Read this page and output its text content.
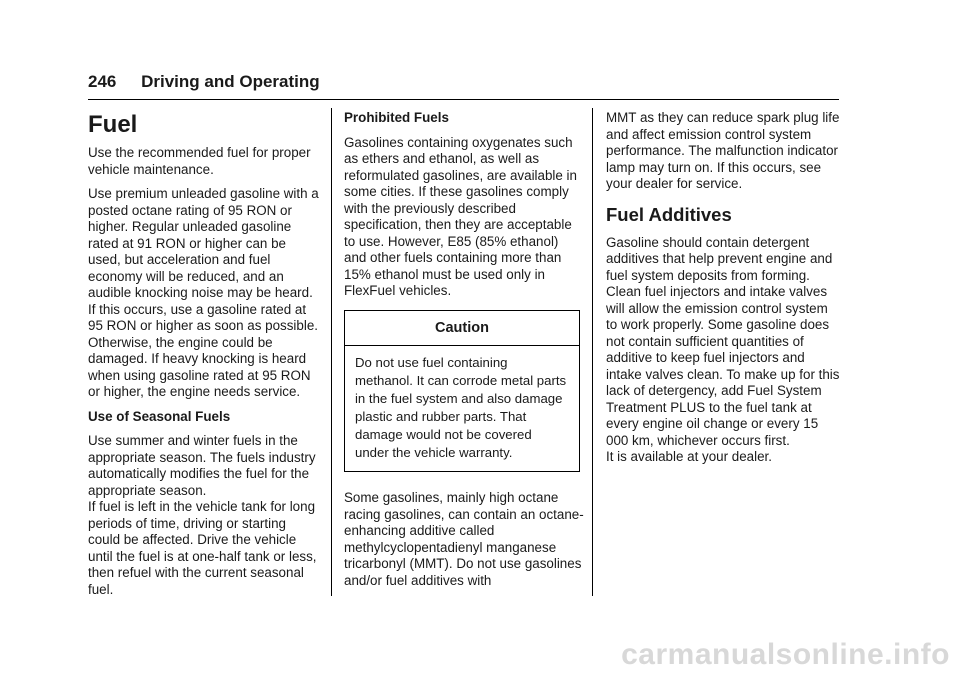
246 Driving and Operating
Fuel

Use the recommended fuel for proper vehicle maintenance.

Use premium unleaded gasoline with a posted octane rating of 95 RON or higher. Regular unleaded gasoline rated at 91 RON or higher can be used, but acceleration and fuel economy will be reduced, and an audible knocking noise may be heard. If this occurs, use a gasoline rated at 95 RON or higher as soon as possible. Otherwise, the engine could be damaged. If heavy knocking is heard when using gasoline rated at 95 RON or higher, the engine needs service.

Use of Seasonal Fuels

Use summer and winter fuels in the appropriate season. The fuels industry automatically modifies the fuel for the appropriate season.

If fuel is left in the vehicle tank for long periods of time, driving or starting could be affected. Drive the vehicle until the fuel is at one-half tank or less, then refuel with the current seasonal fuel.

Prohibited Fuels

Gasolines containing oxygenates such as ethers and ethanol, as well as reformulated gasolines, are available in some cities. If these gasolines comply with the previously described specification, then they are acceptable to use. However, E85 (85% ethanol) and other fuels containing more than 15% ethanol must be used only in FlexFuel vehicles.

Caution
Do not use fuel containing methanol. It can corrode metal parts in the fuel system and also damage plastic and rubber parts. That damage would not be covered under the vehicle warranty.

Some gasolines, mainly high octane racing gasolines, can contain an octane-enhancing additive called methylcyclopentadienyl manganese tricarbonyl (MMT). Do not use gasolines and/or fuel additives with

MMT as they can reduce spark plug life and affect emission control system performance. The malfunction indicator lamp may turn on. If this occurs, see your dealer for service.

Fuel Additives

Gasoline should contain detergent additives that help prevent engine and fuel system deposits from forming. Clean fuel injectors and intake valves will allow the emission control system to work properly. Some gasoline does not contain sufficient quantities of additive to keep fuel injectors and intake valves clean. To make up for this lack of detergency, add Fuel System Treatment PLUS to the fuel tank at every engine oil change or every 15 000 km, whichever occurs first.

It is available at your dealer.

carmanualsonline.info
